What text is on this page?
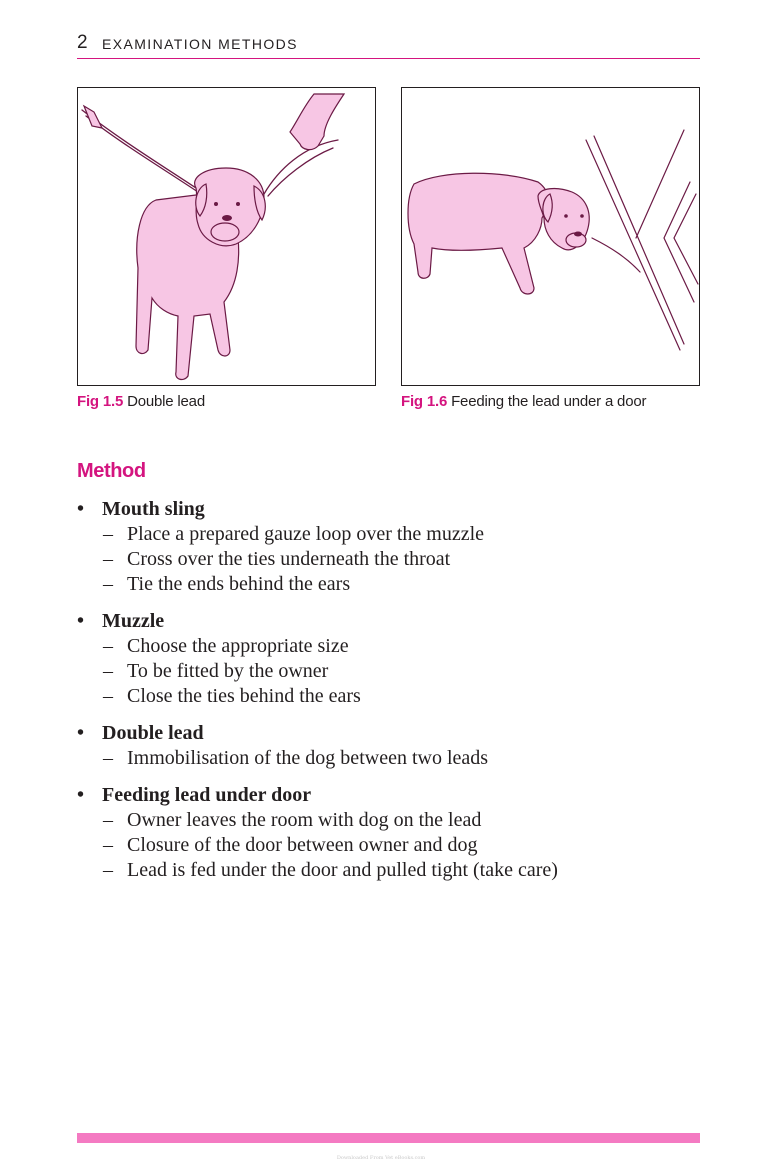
2 EXAMINATION METHODS
Fig 1.5 Double lead	Fig 1.6 Feeding the lead under a door
Method
• Mouth sling
– Place a prepared gauze loop over the muzzle
– Cross over the ties underneath the throat
– Tie the ends behind the ears
• Muzzle
– Choose the appropriate size
– To be fitted by the owner
– Close the ties behind the ears
• Double lead
– Immobilisation of the dog between two leads
• Feeding lead under door
– Owner leaves the room with dog on the lead
– Closure of the door between owner and dog
– Lead is fed under the door and pulled tight (take care)
Downloaded From Vet eBooks.com
